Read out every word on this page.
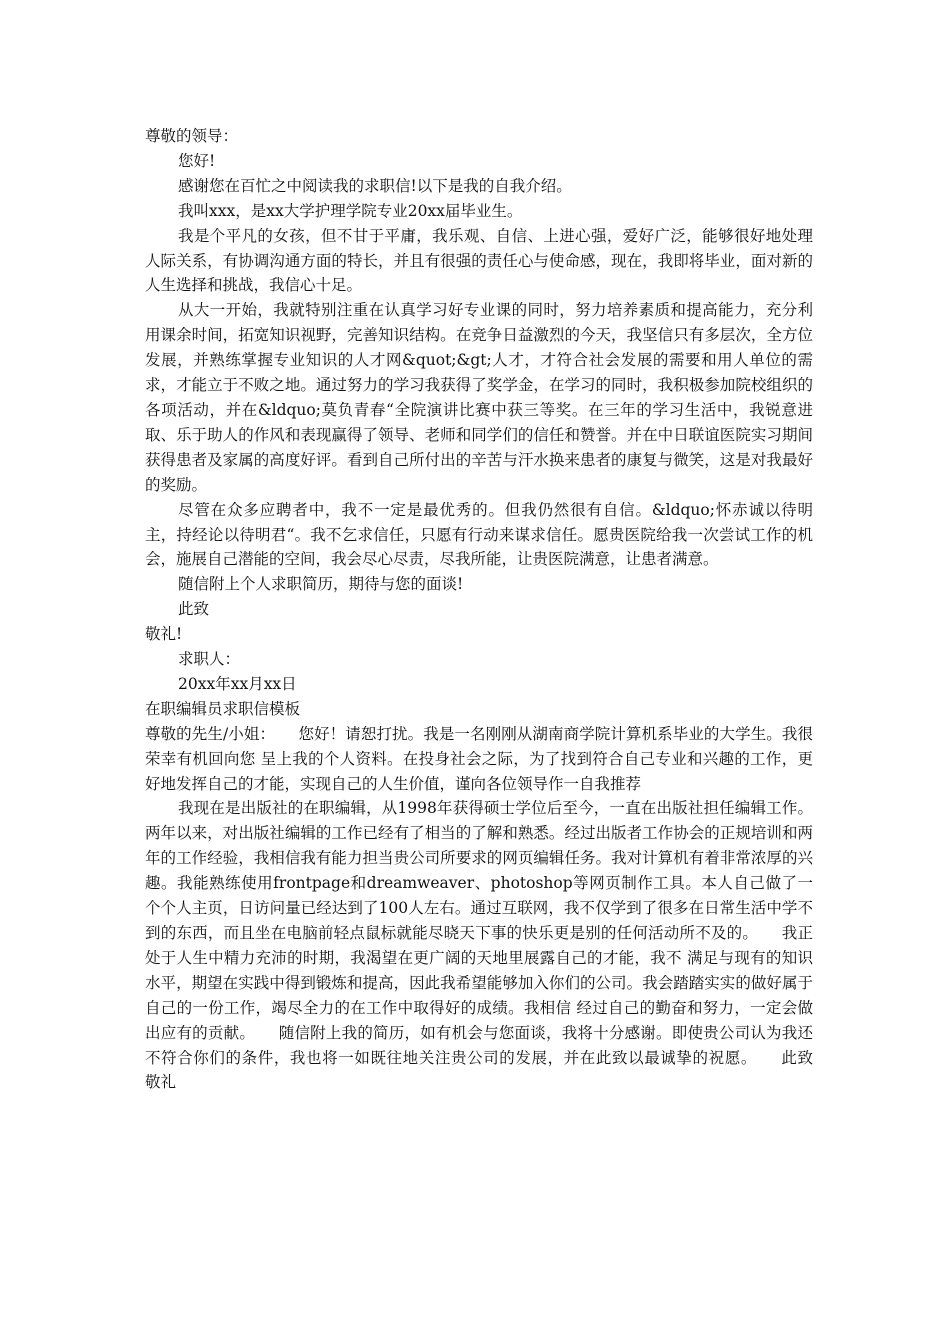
尊敬的领导：

您好!

感谢您在百忙之中阅读我的求职信!以下是我的自我介绍。

我叫xxx，是xx大学护理学院专业20xx届毕业生。

我是个平凡的女孩，但不甘于平庸，我乐观、自信、上进心强，爱好广泛，能够很好地处理人际关系，有协调沟通方面的特长，并且有很强的责任心与使命感，现在，我即将毕业，面对新的人生选择和挑战，我信心十足。

从大一开始，我就特别注重在认真学习好专业课的同时，努力培养素质和提高能力，充分利用课余时间，拓宽知识视野，完善知识结构。在竞争日益激烈的今天，我坚信只有多层次，全方位发展，并熟练掌握专业知识的人才网&quot;&gt;人才，才符合社会发展的需要和用人单位的需求，才能立于不败之地。通过努力的学习我获得了奖学金，在学习的同时，我积极参加院校组织的各项活动，并在&ldquo;莫负青春“全院演讲比赛中获三等奖。在三年的学习生活中，我锐意进取、乐于助人的作风和表现赢得了领导、老师和同学们的信任和赞誉。并在中日联谊医院实习期间获得患者及家属的高度好评。看到自己所付出的辛苦与汗水换来患者的康复与微笑，这是对我最好的奖励。

尽管在众多应聘者中，我不一定是最优秀的。但我仍然很有自信。&ldquo;怀赤诚以待明主，持经论以待明君“。我不乞求信任，只愿有行动来谋求信任。愿贵医院给我一次尝试工作的机会，施展自己潜能的空间，我会尽心尽责，尽我所能，让贵医院满意，让患者满意。

随信附上个人求职简历，期待与您的面谈!

此致

敬礼!

求职人：

20xx年xx月xx日

在职编辑员求职信模板

尊敬的先生/小姐：　　您好！请恕打扰。我是一名刚刚从湖南商学院计算机系毕业的大学生。我很荣幸有机回向您 呈上我的个人资料。在投身社会之际，为了找到符合自己专业和兴趣的工作，更好地发挥自己的才能，实现自己的人生价值，谨向各位领导作一自我推荐

我现在是出版社的在职编辑，从1998年获得硕士学位后至今，一直在出版社担任编辑工作。两年以来，对出版社编辑的工作已经有了相当的了解和熟悉。经过出版者工作协会的正规培训和两年的工作经验，我相信我有能力担当贵公司所要求的网页编辑任务。我对计算机有着非常浓厚的兴趣。我能熟练使用frontpage和dreamweaver、photoshop等网页制作工具。本人自己做了一个个人主页，日访问量已经达到了100人左右。通过互联网，我不仅学到了很多在日常生活中学不到的东西，而且坐在电脑前轻点鼠标就能尽晓天下事的快乐更是别的任何活动所不及的。　　我正处于人生中精力充沛的时期，我渴望在更广阔的天地里展露自己的才能，我不 满足与现有的知识水平，期望在实践中得到锻炼和提高，因此我希望能够加入你们的公司。我会踏踏实实的做好属于自己的一份工作，竭尽全力的在工作中取得好的成绩。我相信 经过自己的勤奋和努力，一定会做出应有的贡献。　　随信附上我的简历，如有机会与您面谈，我将十分感谢。即使贵公司认为我还不符合你们的条件，我也将一如既往地关注贵公司的发展，并在此致以最诚挚的祝愿。　　此致　　敬礼
